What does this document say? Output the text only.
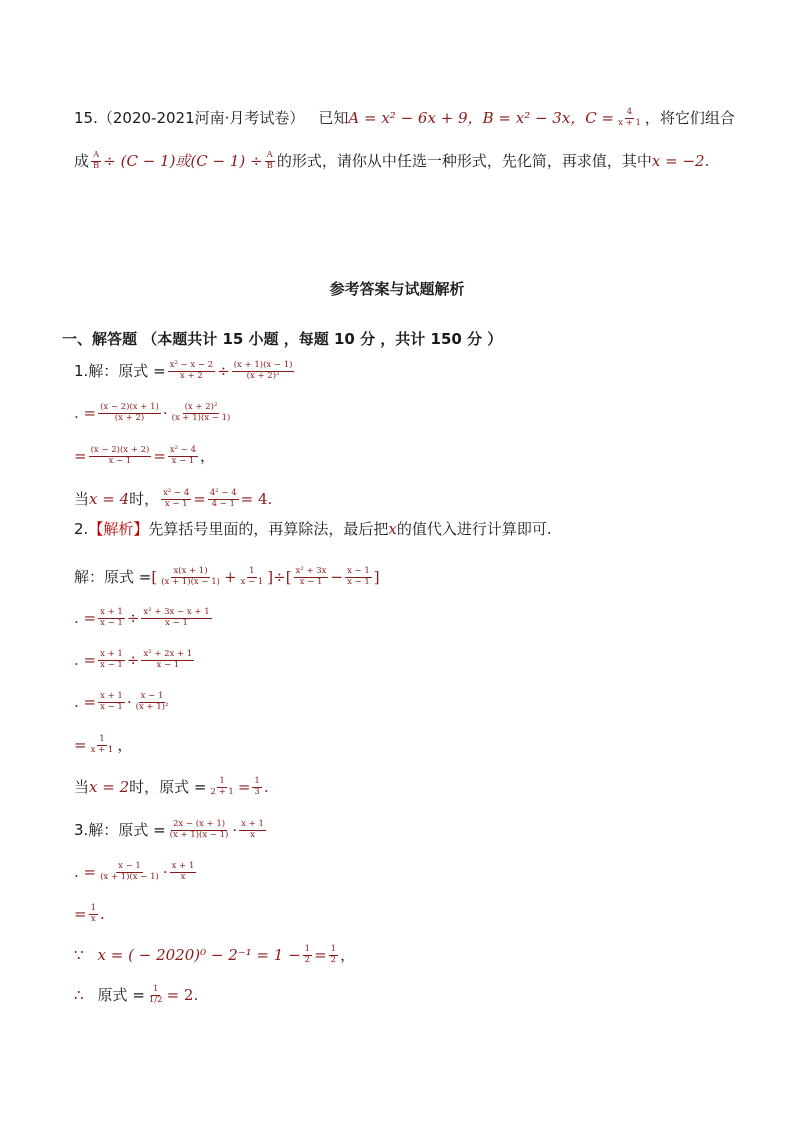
15. （2020-2021河南·月考试卷） 已知 A = x² − 6x + 9， B = x² − 3x， $C = \frac{4}{x + 1}$ ，将它们组合
成 $\frac{A}{B} \div (C - 1)$或$(C - 1) \div \frac{A}{B}$ 的形式，请你从中任选一种形式，先化简，再求值，其中 x = −2.
参考答案与试题解析
一、解答题 （本题共计 15 小题 ，每题 10 分 ，共计 150 分 ）
1.解：原式 = $\frac{\text{x² − x − 2}}{x + 2} \div \frac{(x + 1)(x - 1)}{\text{(x + 2)²}}$
. = $\frac{(x - 2)(x + 1)}{(x + 2)} \cdot \frac{\text{(x + 2)²}}{(x + 1)(x - 1)}$
= $\frac{(x - 2)(x + 2)}{x - 1} = \frac{\text{x² − 4}}{x - 1}$ ，
当 x = 4 时， $\frac{\text{x² − 4}}{x - 1} = \frac{\text{4² − 4}}{4 - 1} = 4$.
2. 【解析】 先算括号里面的，再算除法，最后把 x 的值代入进行计算即可.
解：原式 = [ $\frac{x(x + 1)}{(x + 1)(x - 1)} + \frac{1}{x - 1}$ ] ÷ [ $\frac{\text{x² + 3x}}{x - 1} - \frac{x - 1}{x - 1}$ ]
. = $\frac{x + 1}{x - 1} \div \frac{\text{x² + 3x − x + 1}}{x - 1}$
. = $\frac{x + 1}{x - 1} \div \frac{\text{x² + 2x + 1}}{x - 1}$
. = $\frac{x + 1}{x - 1} \cdot \frac{x - 1}{\text{(x + 1)²}}$
= $\frac{1}{x + 1}$ ，
当 x = 2 时，原式 = $\frac{1}{2 + 1} = \frac{1}{3}$ .
3.解：原式 = $\frac{2x - (x + 1)}{(x + 1)(x - 1)} \cdot \frac{x + 1}{x}$
. = $\frac{x - 1}{(x + 1)(x - 1)} \cdot \frac{x + 1}{x}$
= $\frac{1}{x}$ .
∵ x = ( − $2020)^0 - 2^{-1} = 1 - \frac{1}{2} = \frac{1}{2}$ ，
∴ 原式 = $\frac{1}{1/2} = 2$.
